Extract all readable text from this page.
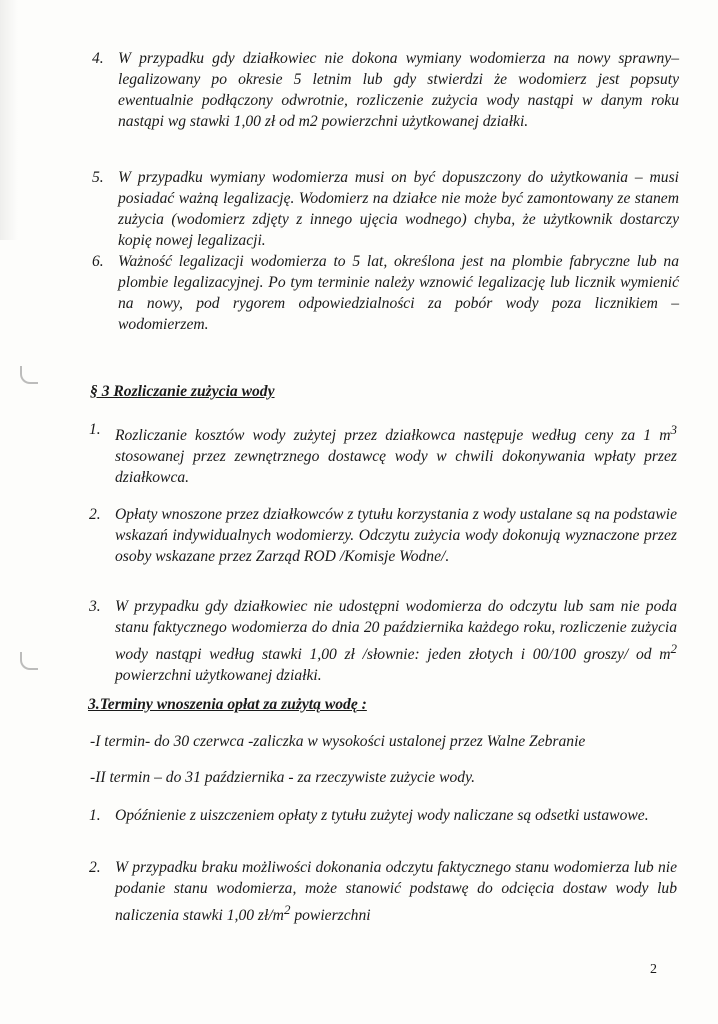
4. W przypadku gdy działkowiec nie dokona wymiany wodomierza na nowy sprawny– legalizowany po okresie 5 letnim lub gdy stwierdzi że wodomierz jest popsuty ewentualnie podłączony odwrotnie, rozliczenie zużycia wody nastąpi w danym roku nastąpi wg stawki 1,00 zł od m2 powierzchni użytkowanej działki.
5. W przypadku wymiany wodomierza musi on być dopuszczony do użytkowania – musi posiadać ważną legalizację. Wodomierz na działce nie może być zamontowany ze stanem zużycia (wodomierz zdjęty z innego ujęcia wodnego) chyba, że użytkownik dostarczy kopię nowej legalizacji.
6. Ważność legalizacji wodomierza to 5 lat, określona jest na plombie fabryczne lub na plombie legalizacyjnej. Po tym terminie należy wznowić legalizację lub licznik wymienić na nowy, pod rygorem odpowiedzialności za pobór wody poza licznikiem – wodomierzem.
§ 3 Rozliczanie zużycia wody
1. Rozliczanie kosztów wody zużytej przez działkowca następuje według ceny za 1 $m^3$ stosowanej przez zewnętrznego dostawcę wody w chwili dokonywania wpłaty przez działkowca.
2. Opłaty wnoszone przez działkowców z tytułu korzystania z wody ustalane są na podstawie wskazań indywidualnych wodomierzy. Odczytu zużycia wody dokonują wyznaczone przez osoby wskazane przez Zarząd ROD /Komisje Wodne/.
3. W przypadku gdy działkowiec nie udostępni wodomierza do odczytu lub sam nie poda stanu faktycznego wodomierza do dnia 20 października każdego roku, rozliczenie zużycia wody nastąpi według stawki 1,00 zł /słownie: jeden złotych i 00/100 groszy/ od $m^2$ powierzchni użytkowanej działki.
3.Terminy wnoszenia opłat za zużytą wodę :
-I termin- do 30 czerwca -zaliczka w wysokości ustalonej przez Walne Zebranie
-II termin – do 31 października - za rzeczywiste zużycie wody.
1. Opóźnienie z uiszczeniem opłaty z tytułu zużytej wody naliczane są odsetki ustawowe.
2. W przypadku braku możliwości dokonania odczytu faktycznego stanu wodomierza lub nie podanie stanu wodomierza, może stanowić podstawę do odcięcia dostaw wody lub naliczenia stawki 1,00 $zł/m^2$ powierzchni
2
